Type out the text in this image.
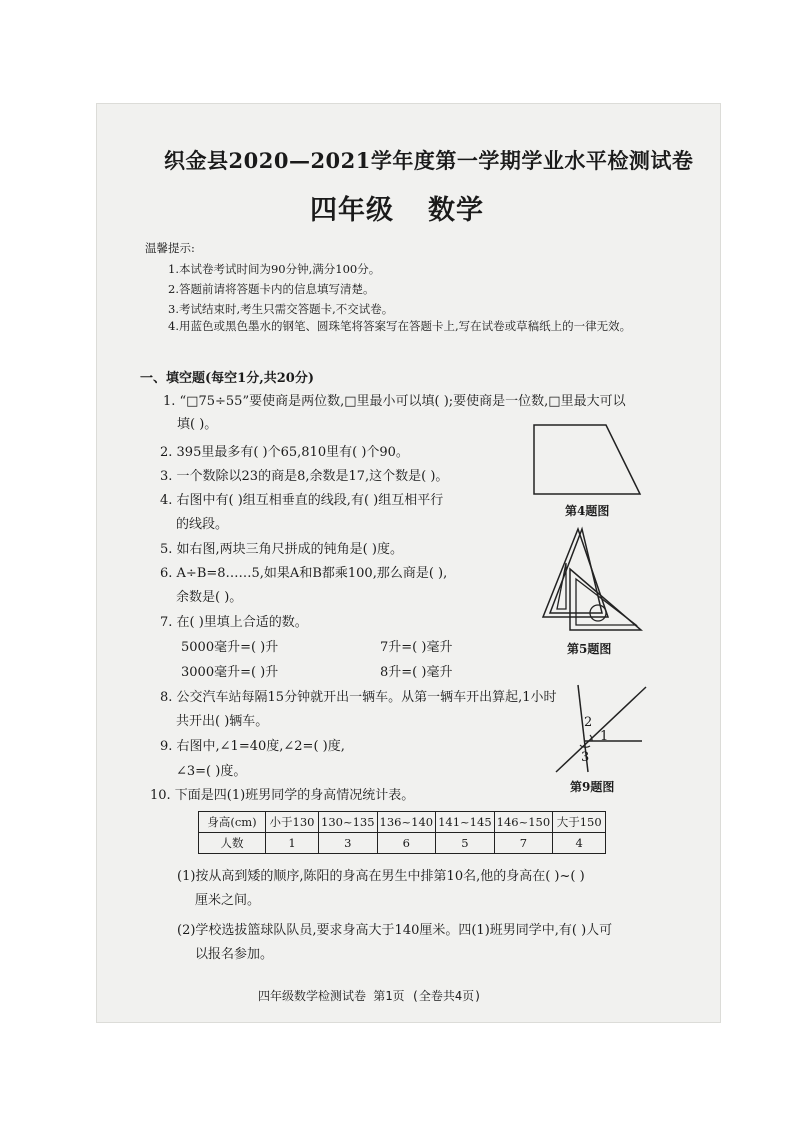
织金县2020—2021学年度第一学期学业水平检测试卷
四年级 数学
温馨提示:
1.本试卷考试时间为90分钟,满分100分。
2.答题前请将答题卡内的信息填写清楚。
3.考试结束时,考生只需交答题卡,不交试卷。
4.用蓝色或黑色墨水的钢笔、圆珠笔将答案写在答题卡上,写在试卷或草稿纸上的一律无效。
一、填空题(每空1分,共20分)
1. “□75÷55”要使商是两位数,□里最小可以填( );要使商是一位数,□里最大可以
填( )。
2. 395里最多有( )个65,810里有( )个90。
3. 一个数除以23的商是8,余数是17,这个数是( )。
4. 右图中有( )组互相垂直的线段,有( )组互相平行
的线段。
5. 如右图,两块三角尺拼成的钝角是( )度。
6. A÷B=8……5,如果A和B都乘100,那么商是( ),
余数是( )。
7. 在( )里填上合适的数。
5000毫升=( )升	7升=( )毫升
3000毫升=( )升	8升=( )毫升
8. 公交汽车站每隔15分钟就开出一辆车。从第一辆车开出算起,1小时
共开出( )辆车。
9. 右图中,∠1=40度,∠2=( )度,
∠3=( )度。
10. 下面是四(1)班男同学的身高情况统计表。
身高(cm)	小于130	130~135	136~140	141~145	146~150	大于150
人数	1	3	6	5	7	4
(1)按从高到矮的顺序,陈阳的身高在男生中排第10名,他的身高在( )~( )
厘米之间。
(2)学校选拔篮球队队员,要求身高大于140厘米。四(1)班男同学中,有( )人可
以报名参加。
第4题图
第5题图
2
1
3
第9题图
四年级数学检测试卷 第1页 (全卷共4页)
